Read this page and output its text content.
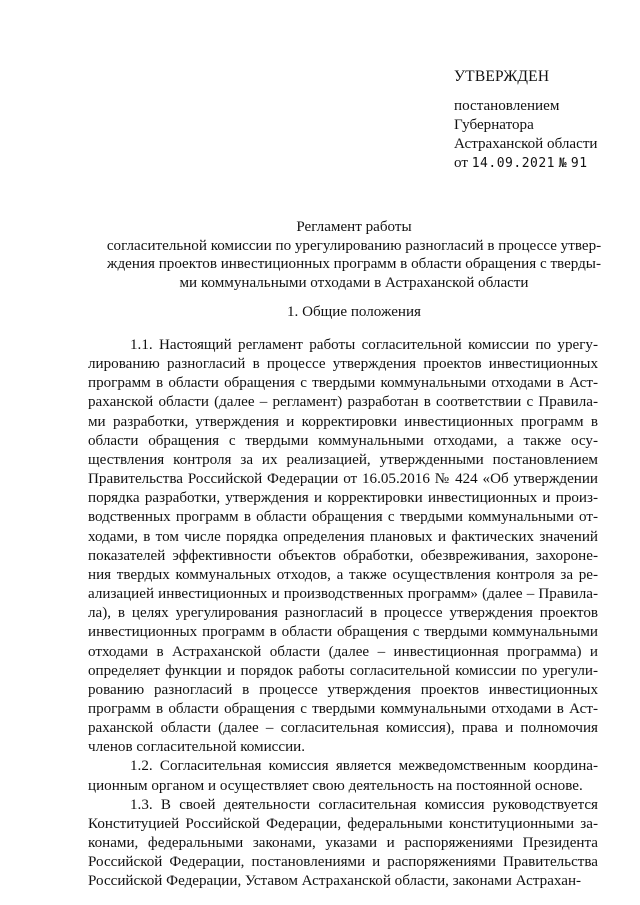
УТВЕРЖДЕН
постановлением
Губернатора
Астраханской области
от 14.09.2021 № 91
Регламент работы
согласительной комиссии по урегулированию разногласий в процессе утвер-
ждения проектов инвестиционных программ в области обращения с тверды-
ми коммунальными отходами в Астраханской области
1. Общие положения
1.1. Настоящий регламент работы согласительной комиссии по урегу-
лированию разногласий в процессе утверждения проектов инвестиционных
программ в области обращения с твердыми коммунальными отходами в Аст-
раханской области (далее – регламент) разработан в соответствии с Правила-
ми разработки, утверждения и корректировки инвестиционных программ в
области обращения с твердыми коммунальными отходами, а также осу-
ществления контроля за их реализацией, утвержденными постановлением
Правительства Российской Федерации от 16.05.2016 № 424 «Об утверждении
порядка разработки, утверждения и корректировки инвестиционных и произ-
водственных программ в области обращения с твердыми коммунальными от-
ходами, в том числе порядка определения плановых и фактических значений
показателей эффективности объектов обработки, обезвреживания, захороне-
ния твердых коммунальных отходов, а также осуществления контроля за ре-
ализацией инвестиционных и производственных программ» (далее – Правила-
ла), в целях урегулирования разногласий в процессе утверждения проектов
инвестиционных программ в области обращения с твердыми коммунальными
отходами в Астраханской области (далее – инвестиционная программа) и
определяет функции и порядок работы согласительной комиссии по урегули-
рованию разногласий в процессе утверждения проектов инвестиционных
программ в области обращения с твердыми коммунальными отходами в Аст-
раханской области (далее – согласительная комиссия), права и полномочия
членов согласительной комиссии.
1.2. Согласительная комиссия является межведомственным координа-
ционным органом и осуществляет свою деятельность на постоянной основе.
1.3. В своей деятельности согласительная комиссия руководствуется
Конституцией Российской Федерации, федеральными конституционными за-
конами, федеральными законами, указами и распоряжениями Президента
Российской Федерации, постановлениями и распоряжениями Правительства
Российской Федерации, Уставом Астраханской области, законами Астрахан-
